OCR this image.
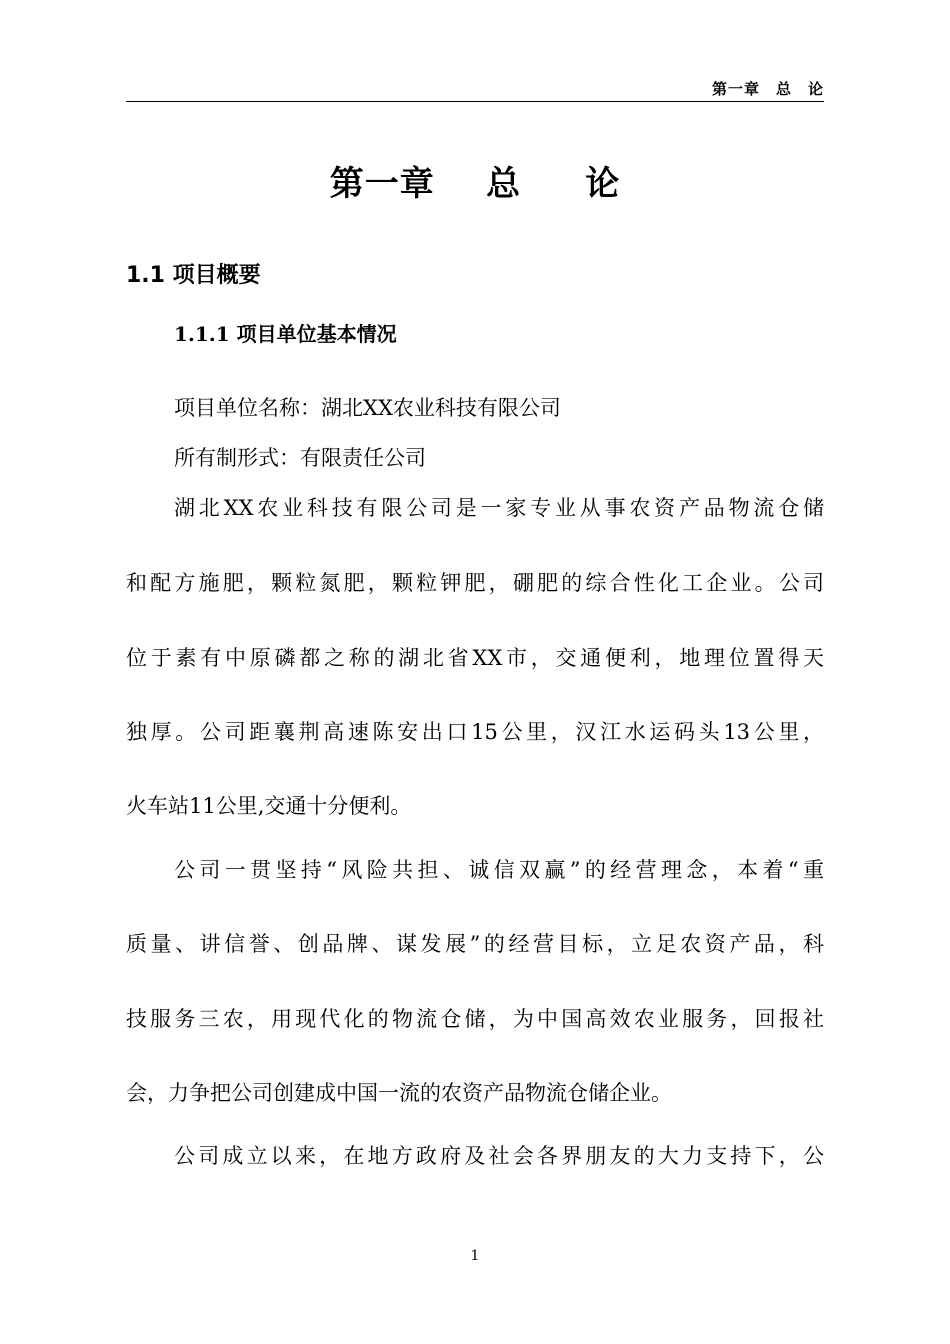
第一章　总　论
第一章    总     论
1.1 项目概要
1.1.1 项目单位基本情况
项目单位名称：湖北XX农业科技有限公司
所有制形式：有限责任公司
湖北XX农业科技有限公司是一家专业从事农资产品物流仓储
和配方施肥，颗粒氮肥，颗粒钾肥，硼肥的综合性化工企业。公司
位于素有中原磷都之称的湖北省XX市，交通便利，地理位置得天
独厚。公司距襄荆高速陈安出口15公里，汉江水运码头13公里，
火车站11公里,交通十分便利。
公司一贯坚持“风险共担、诚信双赢”的经营理念，本着“重
质量、讲信誉、创品牌、谋发展”的经营目标，立足农资产品，科
技服务三农，用现代化的物流仓储，为中国高效农业服务，回报社
会，力争把公司创建成中国一流的农资产品物流仓储企业。
公司成立以来，在地方政府及社会各界朋友的大力支持下，公
1
